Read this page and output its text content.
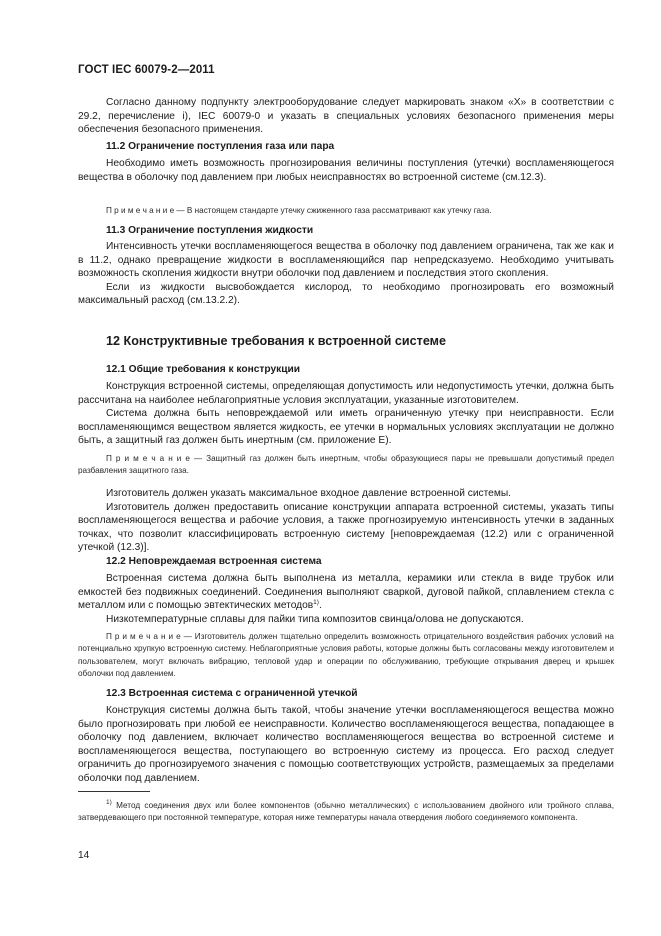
ГОСТ IEC 60079-2—2011

Согласно данному подпункту электрооборудование следует маркировать знаком «X» в соответствии с 29.2, перечисление i), IEC 60079-0 и указать в специальных условиях безопасного применения меры обеспечения безопасного применения.

11.2 Ограничение поступления газа или пара

Необходимо иметь возможность прогнозирования величины поступления (утечки) воспламеняющегося вещества в оболочку под давлением при любых неисправностях во встроенной системе (см.12.3).

П р и м е ч а н и е — В настоящем стандарте утечку сжиженного газа рассматривают как утечку газа.

11.3 Ограничение поступления жидкости

Интенсивность утечки воспламеняющегося вещества в оболочку под давлением ограничена, так же как и в 11.2, однако превращение жидкости в воспламеняющийся пар непредсказуемо. Необходимо учитывать возможность скопления жидкости внутри оболочки под давлением и последствия этого скопления.

Если из жидкости высвобождается кислород, то необходимо прогнозировать его возможный максимальный расход (см.13.2.2).

12 Конструктивные требования к встроенной системе
12.1 Общие требования к конструкции

Конструкция встроенной системы, определяющая допустимость или недопустимость утечки, должна быть рассчитана на наиболее неблагоприятные условия эксплуатации, указанные изготовителем.

Система должна быть неповреждаемой или иметь ограниченную утечку при неисправности. Если воспламеняющимся веществом является жидкость, ее утечки в нормальных условиях эксплуатации не должно быть, а защитный газ должен быть инертным (см. приложение Е).

П р и м е ч а н и е — Защитный газ должен быть инертным, чтобы образующиеся пары не превышали допустимый предел разбавления защитного газа.

Изготовитель должен указать максимальное входное давление встроенной системы.

Изготовитель должен предоставить описание конструкции аппарата встроенной системы, указать типы воспламеняющегося вещества и рабочие условия, а также прогнозируемую интенсивность утечки в заданных точках, что позволит классифицировать встроенную систему [неповреждаемая (12.2) или с ограниченной утечкой (12.3)].

12.2 Неповреждаемая встроенная система

Встроенная система должна быть выполнена из металла, керамики или стекла в виде трубок или емкостей без подвижных соединений. Соединения выполняют сваркой, дуговой пайкой, сплавлением стекла с металлом или с помощью эвтектических методов$^{1)}$.

Низкотемпературные сплавы для пайки типа композитов свинца/олова не допускаются.

П р и м е ч а н и е — Изготовитель должен тщательно определить возможность отрицательного воздействия рабочих условий на потенциально хрупкую встроенную систему. Неблагоприятные условия работы, которые должны быть согласованы между изготовителем и пользователем, могут включать вибрацию, тепловой удар и операции по обслуживанию, требующие открывания дверец и крышек оболочки под давлением.

12.3 Встроенная система с ограниченной утечкой

Конструкция системы должна быть такой, чтобы значение утечки воспламеняющегося вещества можно было прогнозировать при любой ее неисправности. Количество воспламеняющегося вещества, попадающее в оболочку под давлением, включает количество воспламеняющегося вещества во встроенной системе и воспламеняющегося вещества, поступающего во встроенную систему из процесса. Его расход следует ограничить до прогнозируемого значения с помощью соответствующих устройств, размещаемых за пределами оболочки под давлением.

$^{1)}$ Метод соединения двух или более компонентов (обычно металлических) с использованием двойного или тройного сплава, затвердевающего при постоянной температуре, которая ниже температуры начала отвердения любого соединяемого компонента.

14
